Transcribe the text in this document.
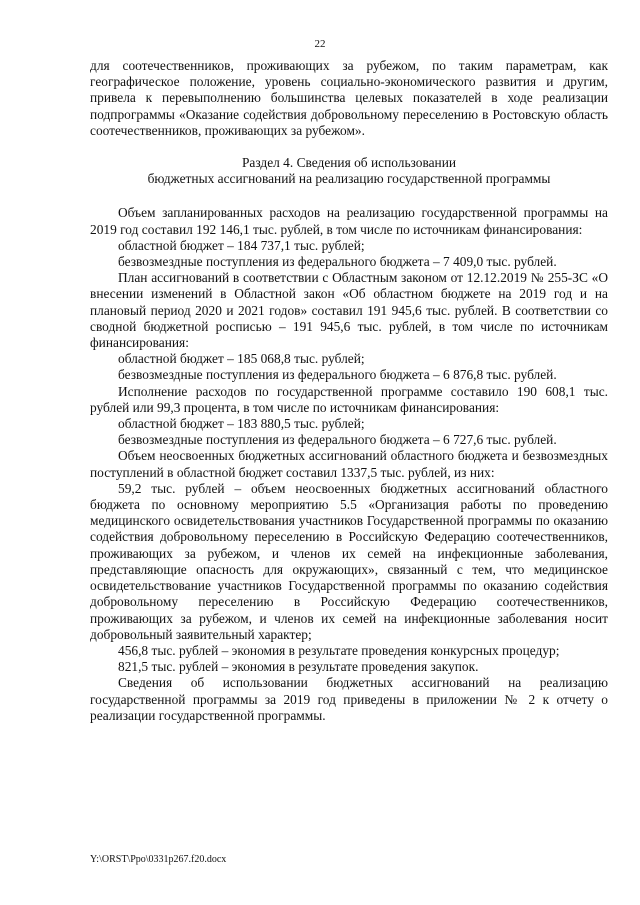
22

для соотечественников, проживающих за рубежом, по таким параметрам, как географическое положение, уровень социально-экономического развития и другим, привела к перевыполнению большинства целевых показателей в ходе реализации подпрограммы «Оказание содействия добровольному переселению в Ростовскую область соотечественников, проживающих за рубежом».

Раздел 4. Сведения об использовании
бюджетных ассигнований на реализацию государственной программы

Объем запланированных расходов на реализацию государственной программы на 2019 год составил 192 146,1 тыс. рублей, в том числе по источникам финансирования:

областной бюджет – 184 737,1 тыс. рублей;

безвозмездные поступления из федерального бюджета – 7 409,0 тыс. рублей.

План ассигнований в соответствии с Областным законом от 12.12.2019 № 255-ЗС «О внесении изменений в Областной закон «Об областном бюджете на 2019 год и на плановый период 2020 и 2021 годов» составил 191 945,6 тыс. рублей. В соответствии со сводной бюджетной росписью – 191 945,6 тыс. рублей, в том числе по источникам финансирования:

областной бюджет – 185 068,8 тыс. рублей;

безвозмездные поступления из федерального бюджета – 6 876,8 тыс. рублей.

Исполнение расходов по государственной программе составило 190 608,1 тыс. рублей или 99,3 процента, в том числе по источникам финансирования:

областной бюджет – 183 880,5 тыс. рублей;

безвозмездные поступления из федерального бюджета – 6 727,6 тыс. рублей.

Объем неосвоенных бюджетных ассигнований областного бюджета и безвозмездных поступлений в областной бюджет составил 1337,5 тыс. рублей, из них:

59,2 тыс. рублей – объем неосвоенных бюджетных ассигнований областного бюджета по основному мероприятию 5.5 «Организация работы по проведению медицинского освидетельствования участников Государственной программы по оказанию содействия добровольному переселению в Российскую Федерацию соотечественников, проживающих за рубежом, и членов их семей на инфекционные заболевания, представляющие опасность для окружающих», связанный с тем, что медицинское освидетельствование участников Государственной программы по оказанию содействия добровольному переселению в Российскую Федерацию соотечественников, проживающих за рубежом, и членов их семей на инфекционные заболевания носит добровольный заявительный характер;

456,8 тыс. рублей – экономия в результате проведения конкурсных процедур;

821,5 тыс. рублей – экономия в результате проведения закупок.

Сведения об использовании бюджетных ассигнований на реализацию государственной программы за 2019 год приведены в приложении № 2 к отчету о реализации государственной программы.

Y:\ORST\Ppo\0331p267.f20.docx
